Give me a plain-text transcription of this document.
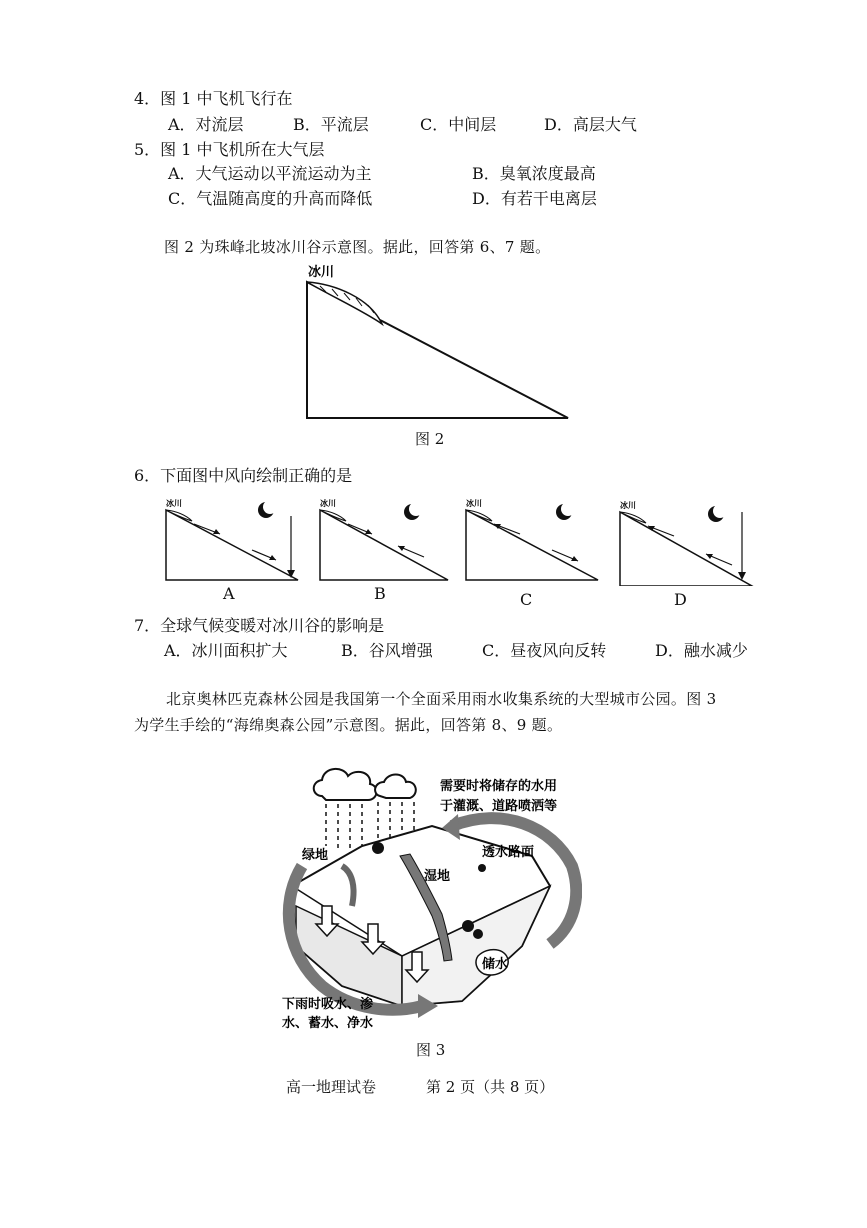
4．图 1 中飞机飞行在
A．对流层	B．平流层	C．中间层	D．高层大气
5．图 1 中飞机所在大气层
A．大气运动以平流运动为主	B．臭氧浓度最高
C．气温随高度的升高而降低	D．有若干电离层
图 2 为珠峰北坡冰川谷示意图。据此，回答第 6、7 题。
冰川
图 2
6．下面图中风向绘制正确的是
冰川
A
冰川
B
冰川
C
冰川
D
7．全球气候变暖对冰川谷的影响是
A．冰川面积扩大	B．谷风增强	C．昼夜风向反转	D．融水减少
北京奥林匹克森林公园是我国第一个全面采用雨水收集系统的大型城市公园。图 3
为学生手绘的“海绵奥森公园”示意图。据此，回答第 8、9 题。
需要时将储存的水用
于灌溉、道路喷洒等
绿地	透水路面
湿地
储水
下雨时吸水、渗
水、蓄水、净水
图 3
高一地理试卷	第 2 页（共 8 页）
